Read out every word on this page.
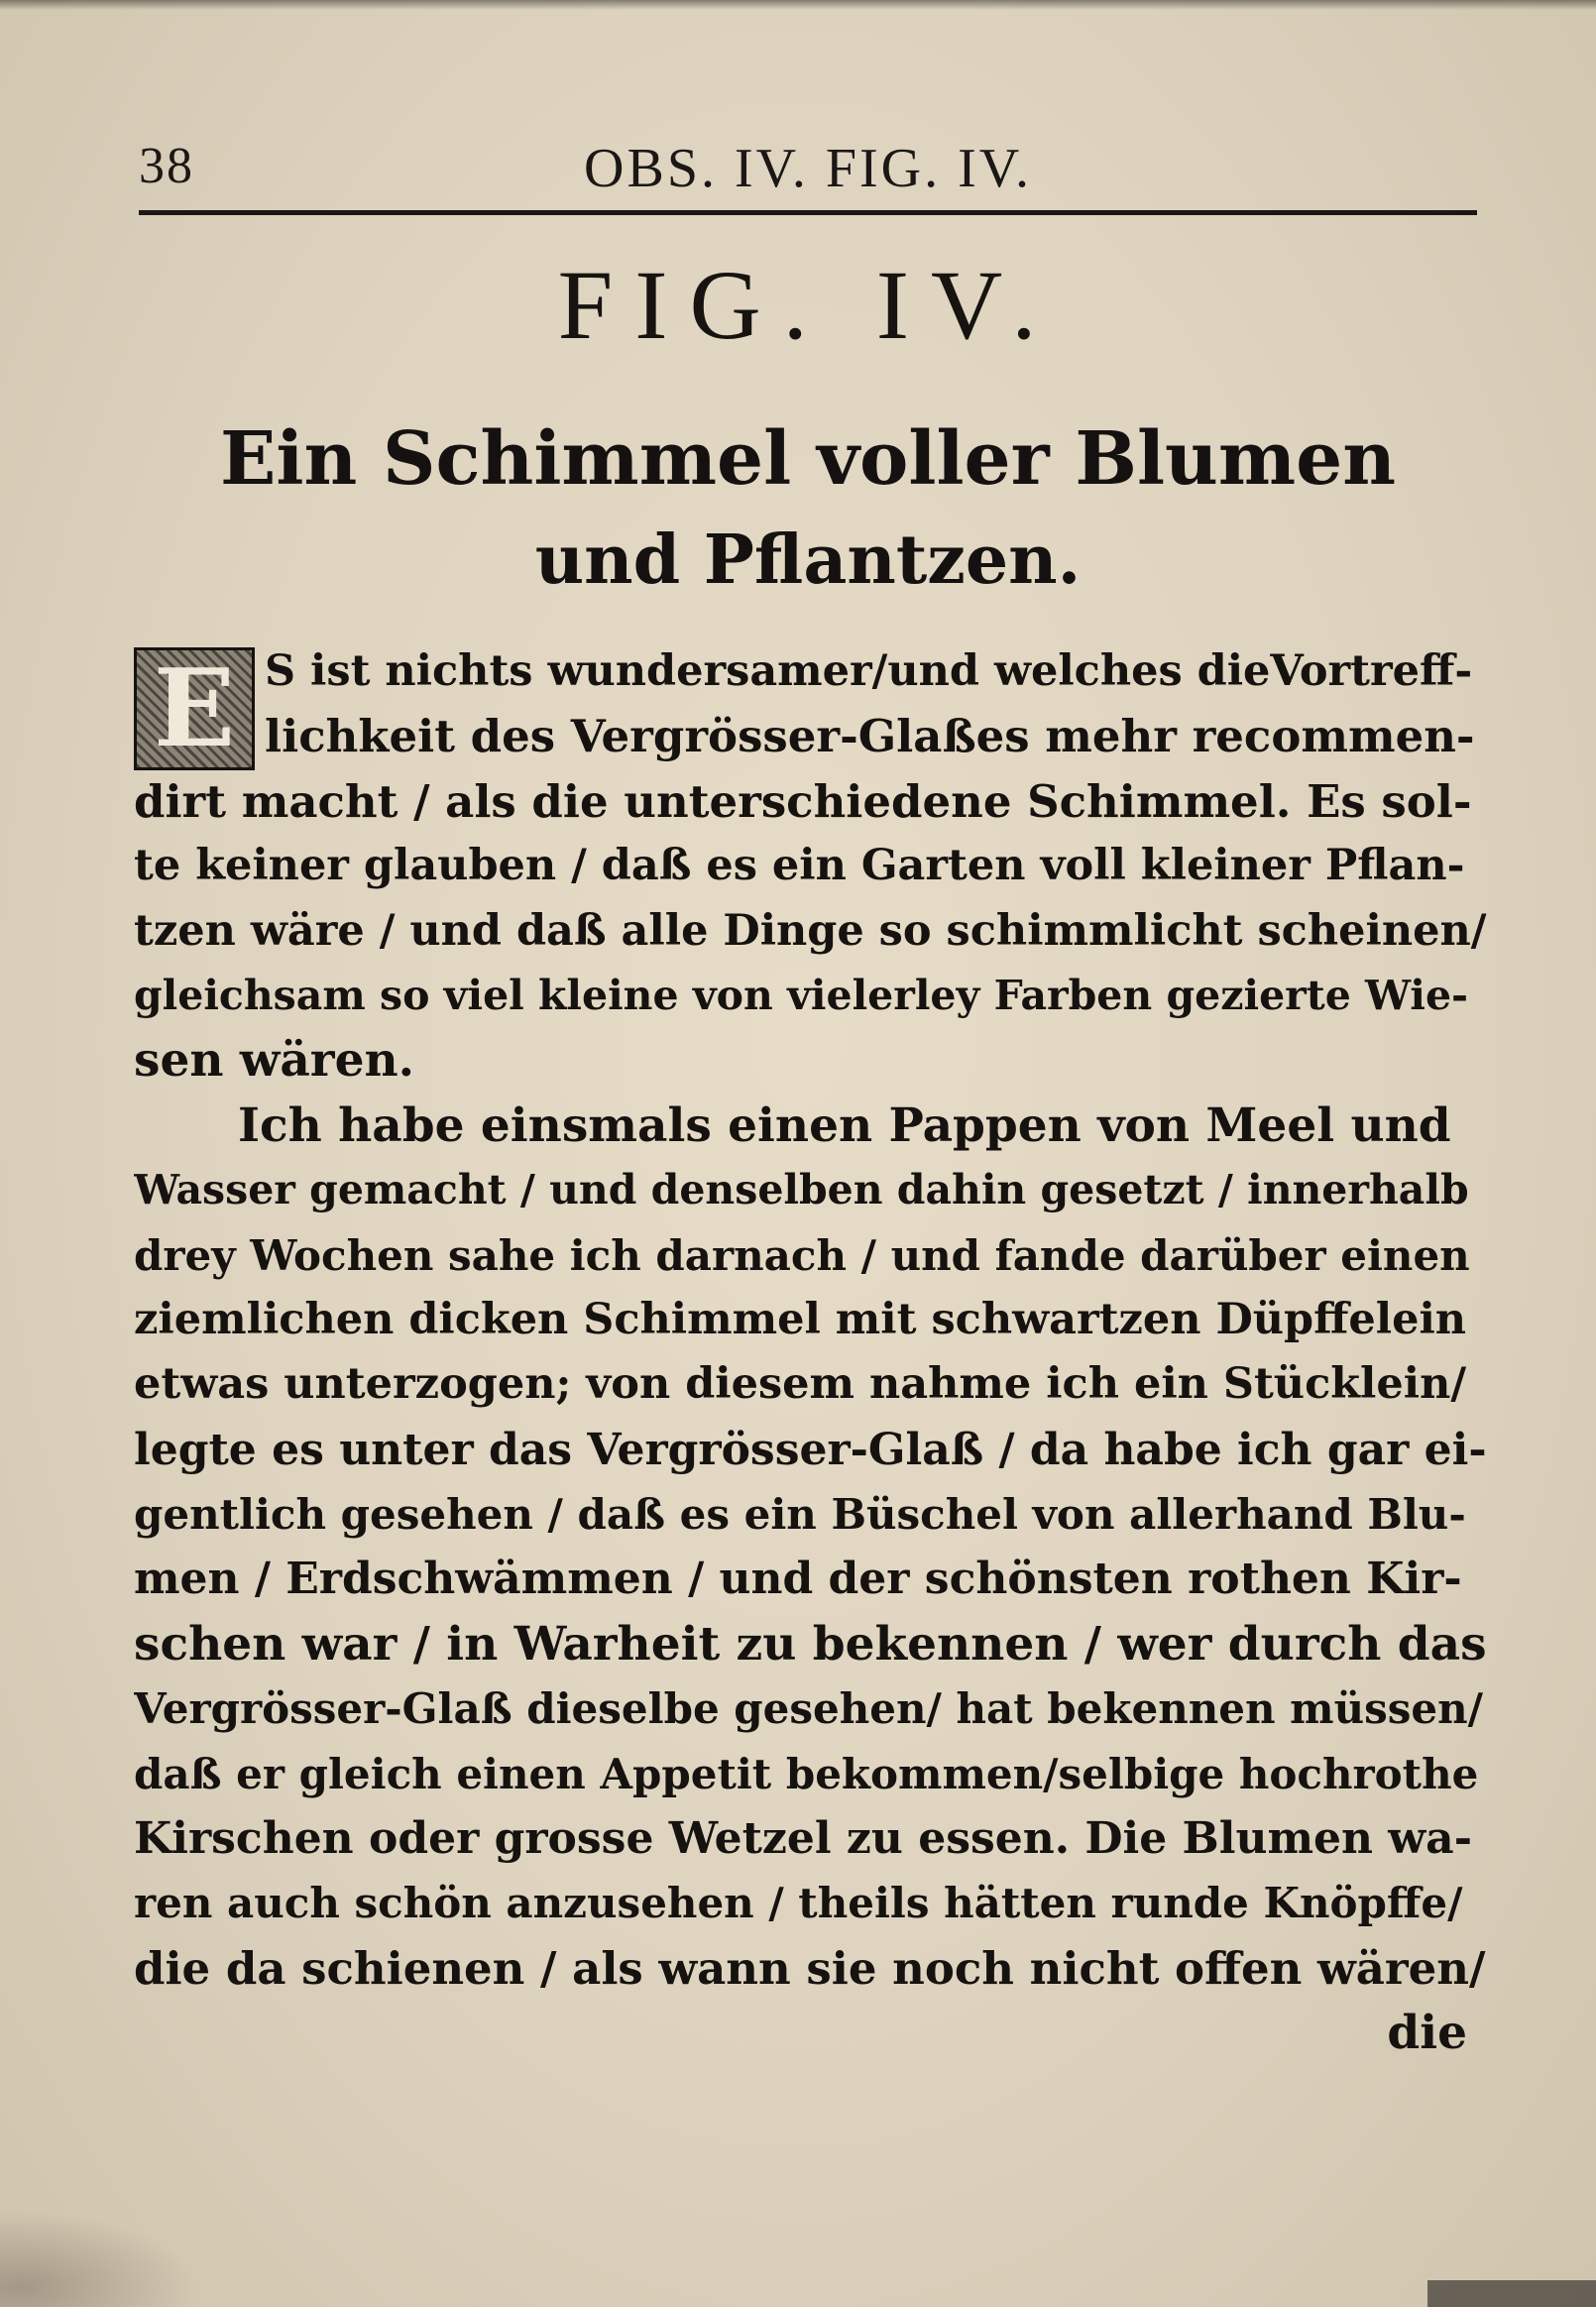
38	OBS. IV. FIG. IV.
FIG. IV.
Ein Schimmel voller Blumen
und Pflantzen.
E S ist nichts wundersamer/und welches dieVortreff-
lichkeit des Vergrösser-Glaßes mehr recommen-
dirt macht / als die unterschiedene Schimmel. Es sol-
te keiner glauben / daß es ein Garten voll kleiner Pflan-
tzen wäre / und daß alle Dinge so schimmlicht scheinen/
gleichsam so viel kleine von vielerley Farben gezierte Wie-
sen wären.
Ich habe einsmals einen Pappen von Meel und
Wasser gemacht / und denselben dahin gesetzt / innerhalb
drey Wochen sahe ich darnach / und fande darüber einen
ziemlichen dicken Schimmel mit schwartzen Düpffelein
etwas unterzogen; von diesem nahme ich ein Stücklein/
legte es unter das Vergrösser-Glaß / da habe ich gar ei-
gentlich gesehen / daß es ein Büschel von allerhand Blu-
men / Erdschwämmen / und der schönsten rothen Kir-
schen war / in Warheit zu bekennen / wer durch das
Vergrösser-Glaß dieselbe gesehen/ hat bekennen müssen/
daß er gleich einen Appetit bekommen/selbige hochrothe
Kirschen oder grosse Wetzel zu essen. Die Blumen wa-
ren auch schön anzusehen / theils hätten runde Knöpffe/
die da schienen / als wann sie noch nicht offen wären/
die
